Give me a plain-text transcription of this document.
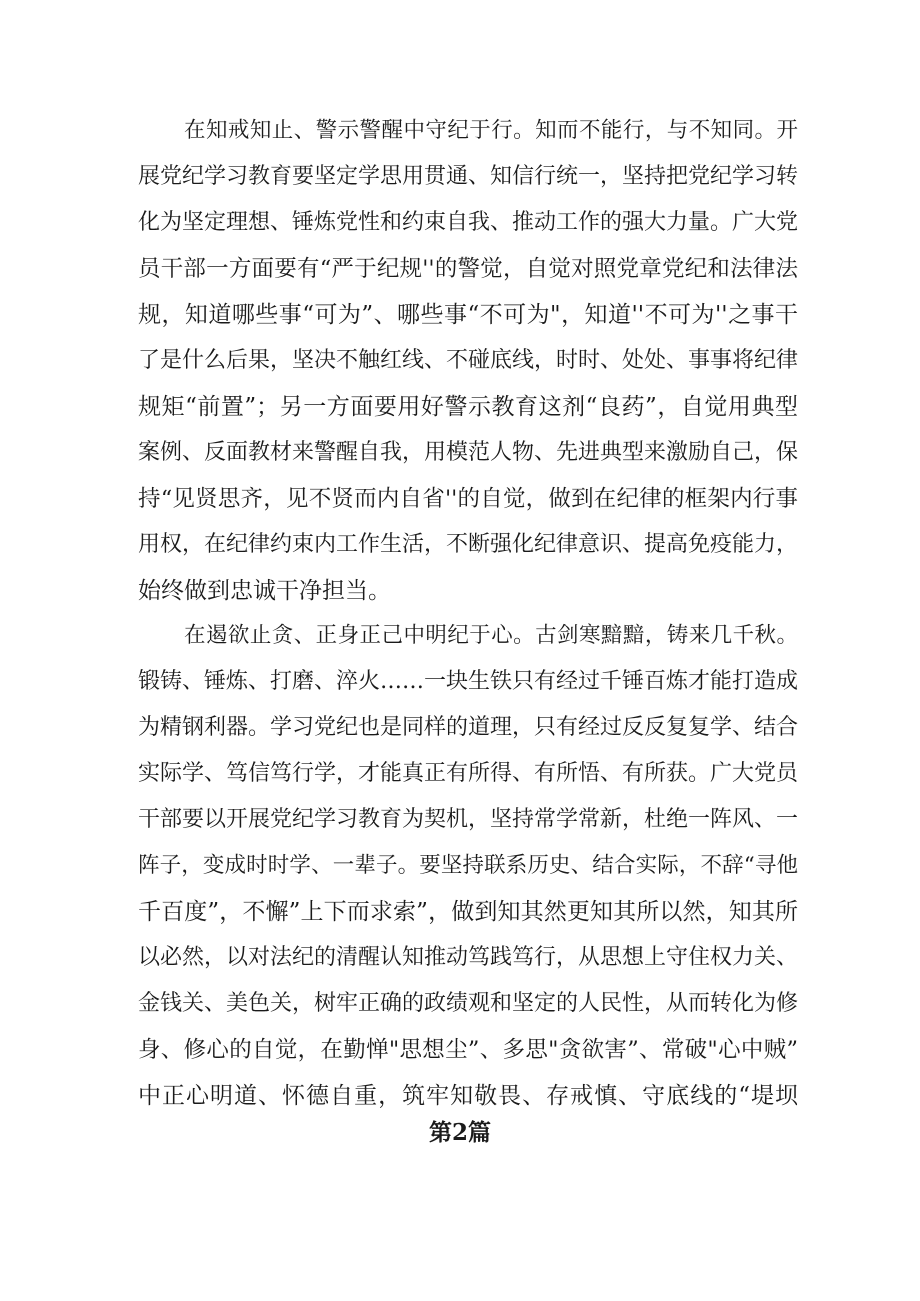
在知戒知止、警示警醒中守纪于行。知而不能行，与不知同。开
展党纪学习教育要坚定学思用贯通、知信行统一，坚持把党纪学习转
化为坚定理想、锤炼党性和约束自我、推动工作的强大力量。广大党
员干部一方面要有“严于纪规''的警觉，自觉对照党章党纪和法律法
规，知道哪些事“可为”、哪些事“不可为"，知道''不可为''之事干
了是什么后果，坚决不触红线、不碰底线，时时、处处、事事将纪律
规矩“前置”；另一方面要用好警示教育这剂“良药”，自觉用典型
案例、反面教材来警醒自我，用模范人物、先进典型来激励自己，保
持“见贤思齐，见不贤而内自省''的自觉，做到在纪律的框架内行事
用权，在纪律约束内工作生活，不断强化纪律意识、提高免疫能力，
始终做到忠诚干净担当。
在遏欲止贪、正身正己中明纪于心。古剑寒黯黯，铸来几千秋。
锻铸、锤炼、打磨、淬火……一块生铁只有经过千锤百炼才能打造成
为精钢利器。学习党纪也是同样的道理，只有经过反反复复学、结合
实际学、笃信笃行学，才能真正有所得、有所悟、有所获。广大党员
干部要以开展党纪学习教育为契机，坚持常学常新，杜绝一阵风、一
阵子，变成时时学、一辈子。要坚持联系历史、结合实际，不辞“寻他
千百度”，不懈”上下而求索”，做到知其然更知其所以然，知其所
以必然，以对法纪的清醒认知推动笃践笃行，从思想上守住权力关、
金钱关、美色关，树牢正确的政绩观和坚定的人民性，从而转化为修
身、修心的自觉，在勤惮"思想尘”、多思"贪欲害”、常破"心中贼”
中正心明道、怀德自重，筑牢知敬畏、存戒慎、守底线的“堤坝
第2篇
